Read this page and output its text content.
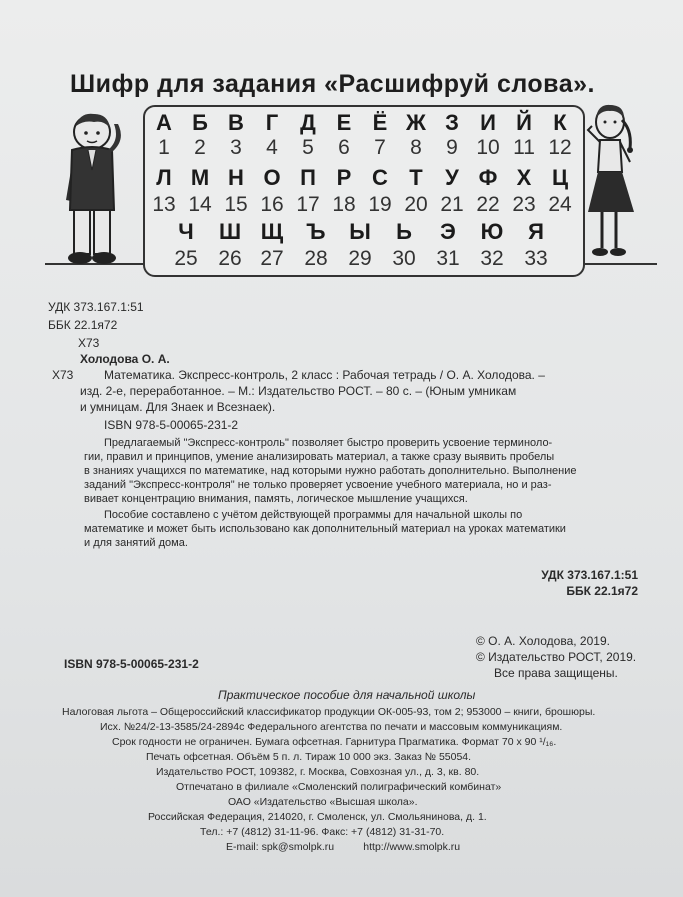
Шифр для задания «Расшифруй слова».
А Б В Г Д Е Ё Ж З И Й К
1	2	3	4	5	6	7	8	9 10 11 12
Л М Н О П Р С Т	У Ф Х Ц
13 14 15 16 17 18 19 20 21 22 23 24
Ч	Ш Щ Ъ Ы	Ь	Э	Ю	Я
25 26 27 28 29 30 31 32 33
УДК 373.167.1:51
ББК 22.1я72
Х73
Холодова О. А.
Х73	Математика. Экспресс-контроль, 2 класс : Рабочая тетрадь / О. А. Холодова. –
изд. 2-е, переработанное. – М.: Издательство РОСТ. – 80 с. – (Юным умникам
и умницам. Для Знаек и Всезнаек).
ISBN 978-5-00065-231-2
Предлагаемый "Экспресс-контроль" позволяет быстро проверить усвоение терминоло-
гии, правил и принципов, умение анализировать материал, а также сразу выявить пробелы
в знаниях учащихся по математике, над которыми нужно работать дополнительно. Выполнение
заданий "Экспресс-контроля" не только проверяет усвоение учебного материала, но и раз-
вивает концентрацию внимания, память, логическое мышление учащихся.
Пособие составлено с учётом действующей программы для начальной школы по
математике и может быть использовано как дополнительный материал на уроках математики
и для занятий дома.
УДК 373.167.1:51
ББК 22.1я72
© О. А. Холодова, 2019.
© Издательство РОСТ, 2019.
Все права защищены.
ISBN 978-5-00065-231-2
Практическое пособие для начальной школы
Налоговая льгота – Общероссийский классификатор продукции ОК-005-93, том 2; 953000 – книги, брошюры.
Исх. №24/2-13-3585/24-2894с Федерального агентства по печати и массовым коммуникациям.
Срок годности не ограничен. Бумага офсетная. Гарнитура Прагматика. Формат 70 х 90 ¹/₁₆.
Печать офсетная. Объём 5 п. л. Тираж 10 000 экз. Заказ № 55054.
Издательство РОСТ, 109382, г. Москва, Совхозная ул., д. 3, кв. 80.
Отпечатано в филиале «Смоленский полиграфический комбинат»
ОАО «Издательство «Высшая школа».
Российская Федерация, 214020, г. Смоленск, ул. Смольянинова, д. 1.
Тел.: +7 (4812) 31-11-96. Факс: +7 (4812) 31-31-70.
E-mail: spk@smolpk.ru          http://www.smolpk.ru
